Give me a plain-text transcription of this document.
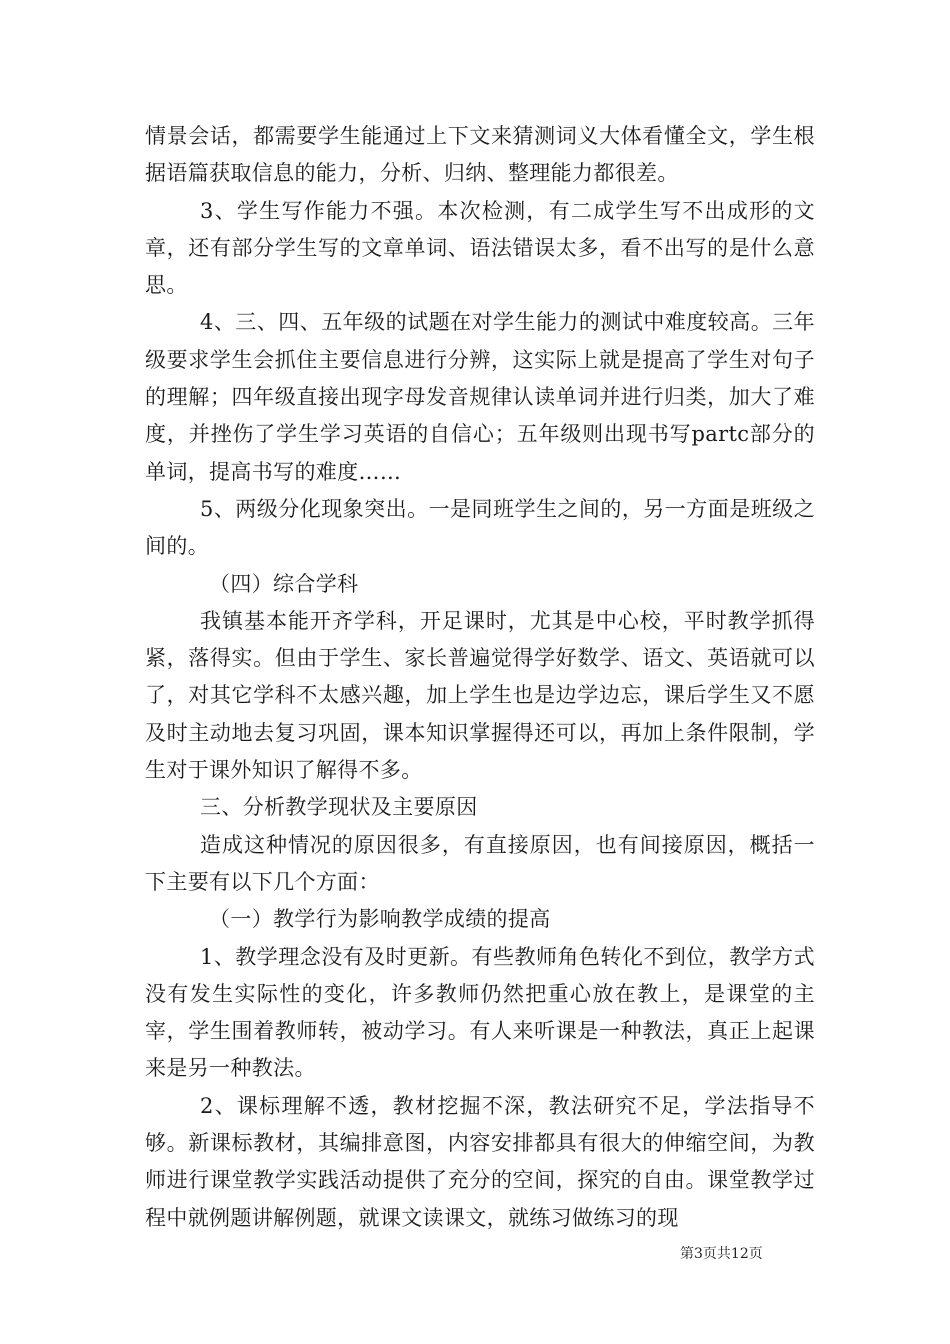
情景会话，都需要学生能通过上下文来猜测词义大体看懂全文，学生根据语篇获取信息的能力，分析、归纳、整理能力都很差。

3、学生写作能力不强。本次检测，有二成学生写不出成形的文章，还有部分学生写的文章单词、语法错误太多，看不出写的是什么意思。

4、三、四、五年级的试题在对学生能力的测试中难度较高。三年级要求学生会抓住主要信息进行分辨，这实际上就是提高了学生对句子的理解；四年级直接出现字母发音规律认读单词并进行归类，加大了难度，并挫伤了学生学习英语的自信心；五年级则出现书写partc部分的单词，提高书写的难度……

5、两级分化现象突出。一是同班学生之间的，另一方面是班级之间的。

（四）综合学科

我镇基本能开齐学科，开足课时，尤其是中心校，平时教学抓得紧，落得实。但由于学生、家长普遍觉得学好数学、语文、英语就可以了，对其它学科不太感兴趣，加上学生也是边学边忘，课后学生又不愿及时主动地去复习巩固，课本知识掌握得还可以，再加上条件限制，学生对于课外知识了解得不多。

三、分析教学现状及主要原因

造成这种情况的原因很多，有直接原因，也有间接原因，概括一下主要有以下几个方面：

（一）教学行为影响教学成绩的提高

1、教学理念没有及时更新。有些教师角色转化不到位，教学方式没有发生实际性的变化，许多教师仍然把重心放在教上，是课堂的主宰，学生围着教师转，被动学习。有人来听课是一种教法，真正上起课来是另一种教法。

2、课标理解不透，教材挖掘不深，教法研究不足，学法指导不够。新课标教材，其编排意图，内容安排都具有很大的伸缩空间，为教师进行课堂教学实践活动提供了充分的空间，探究的自由。课堂教学过程中就例题讲解例题，就课文读课文，就练习做练习的现

第3页共12页
